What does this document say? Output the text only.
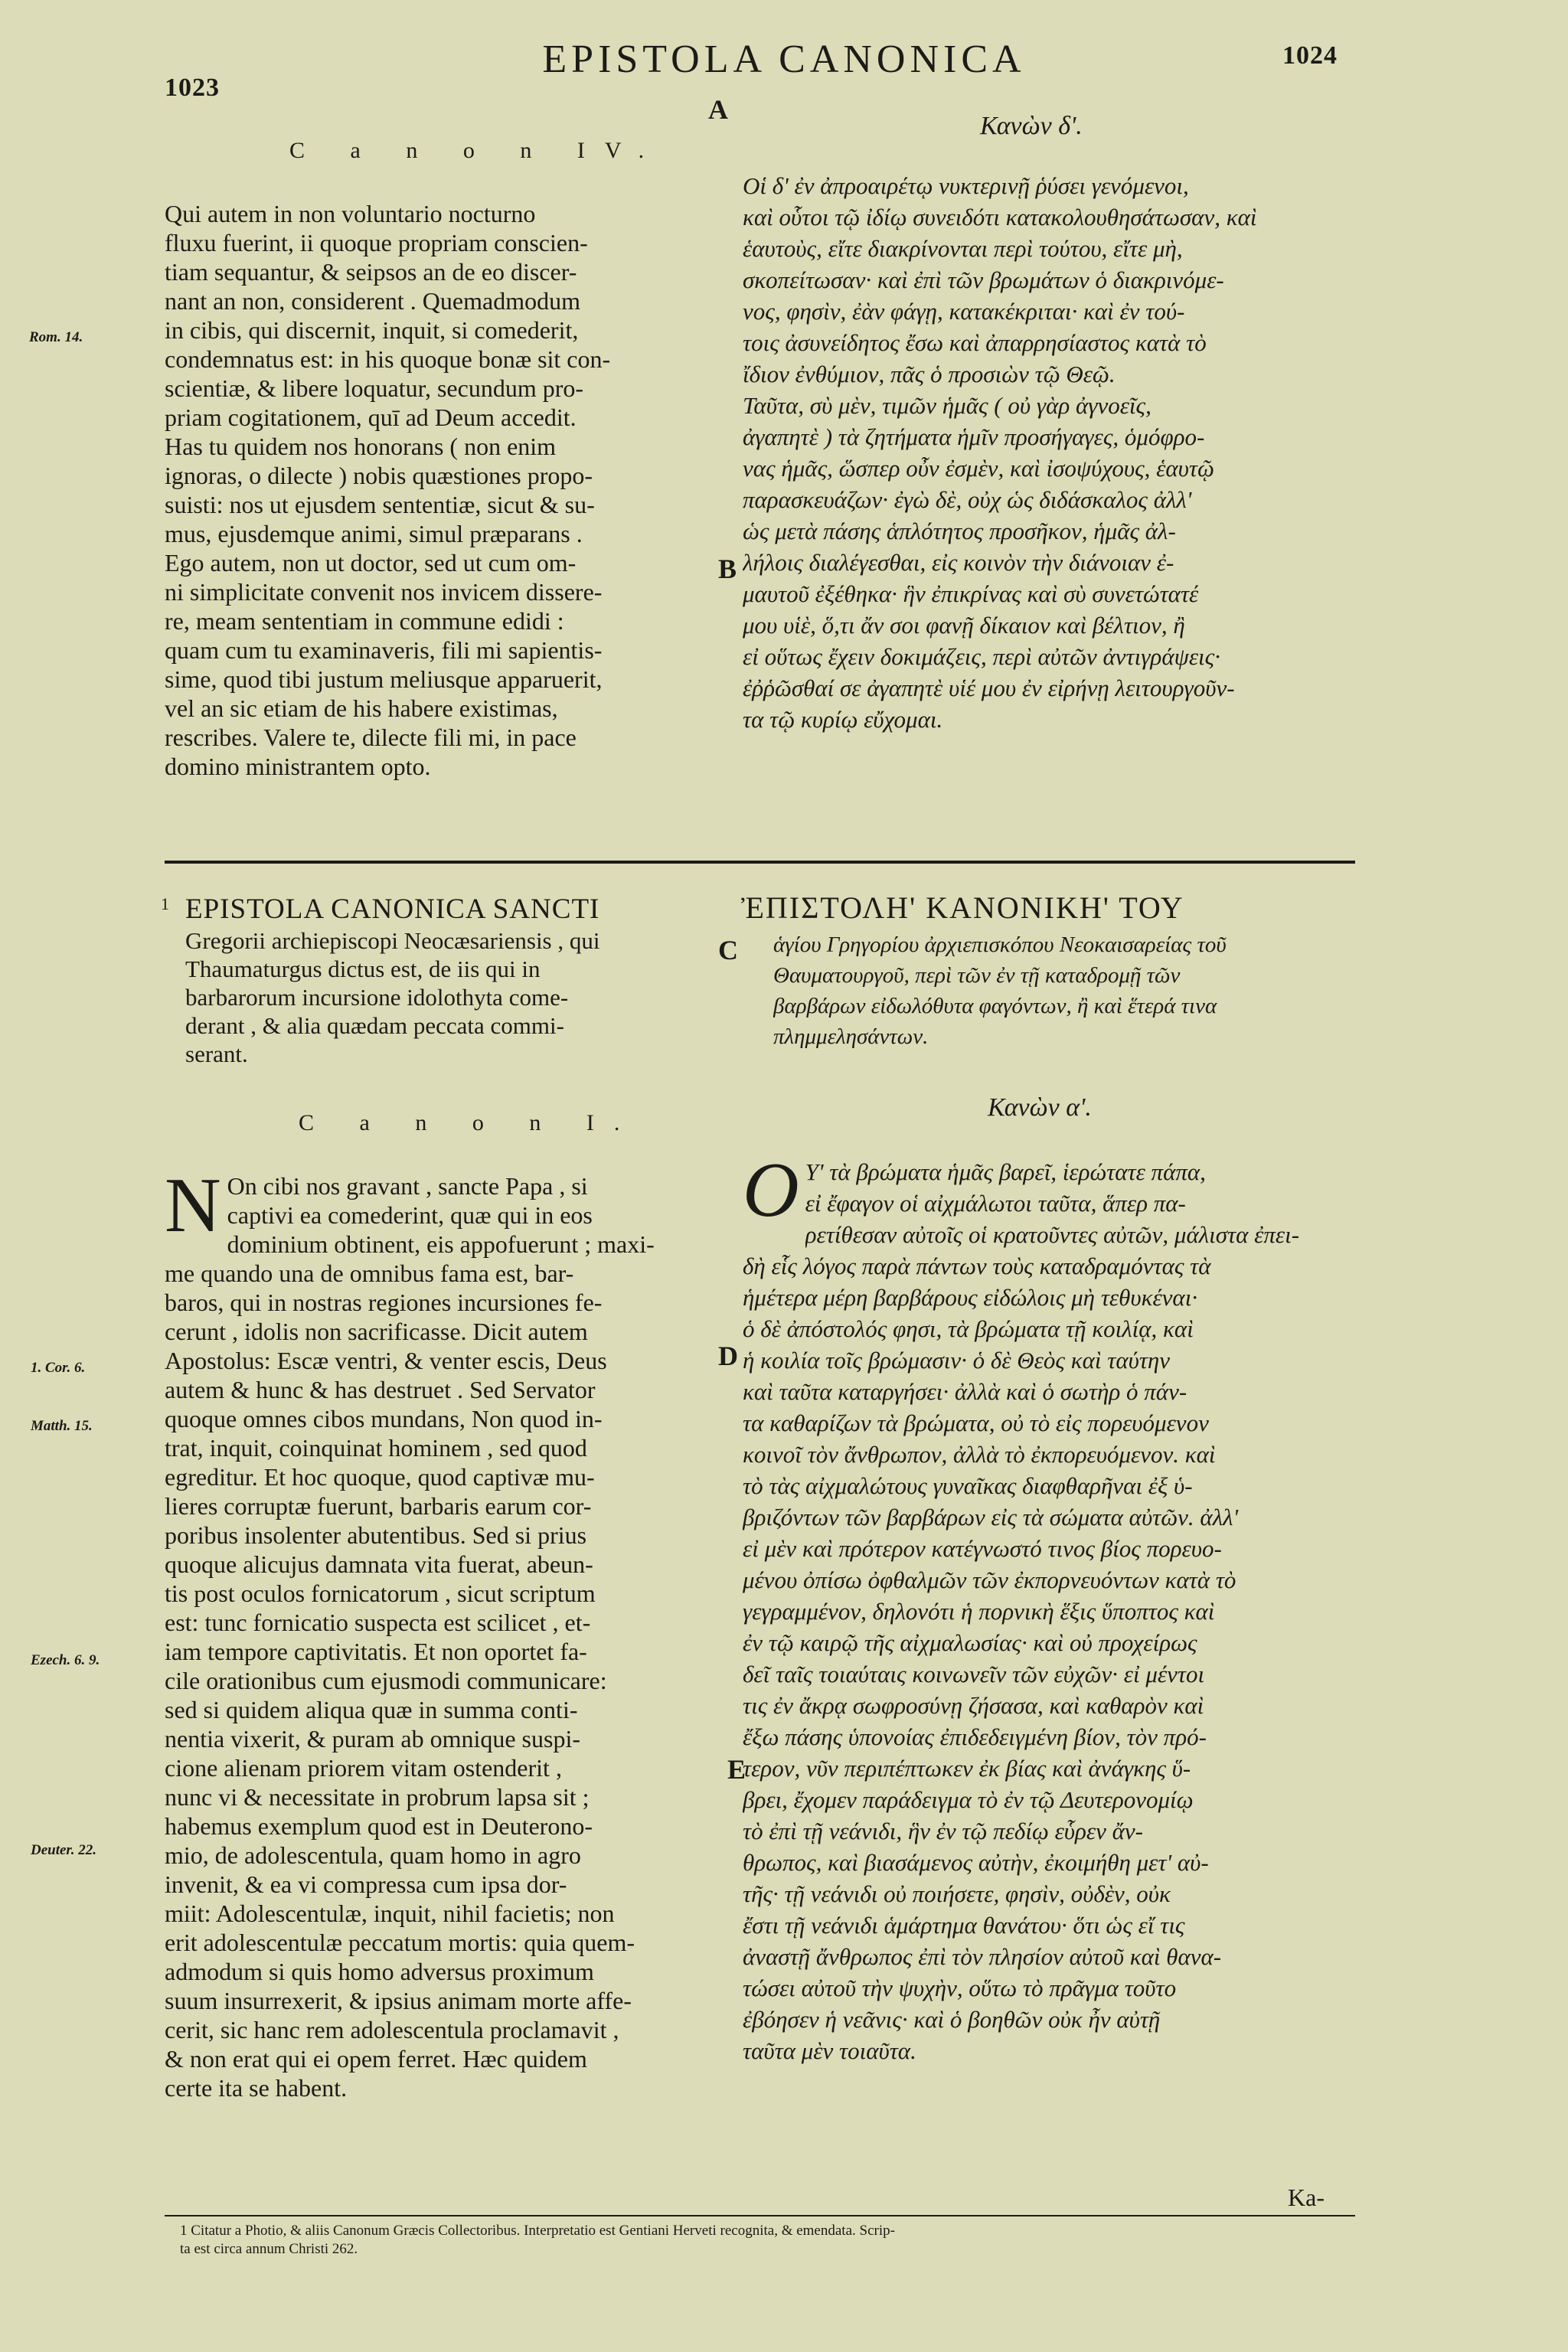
1023
EPISTOLA CANONICA	1024
A
C a n o n IV.
Κανὼν δ'.
Qui autem in non voluntario nocturno
fluxu fuerint, ii quoque propriam conscien-
tiam sequantur, & seipsos an de eo discer-
nant an non, considerent . Quemadmodum
in cibis, qui discernit, inquit, si comederit,
condemnatus est: in his quoque bonæ sit con-
scientiæ, & libere loquatur, secundum pro-
priam cogitationem, quī ad Deum accedit.
Has tu quidem nos honorans ( non enim
ignoras, o dilecte ) nobis quæstiones propo-
suisti: nos ut ejusdem sententiæ, sicut & su-
mus, ejusdemque animi, simul præparans .
Ego autem, non ut doctor, sed ut cum om-
ni simplicitate convenit nos invicem dissere-
re, meam sententiam in commune edidi :
quam cum tu examinaveris, fili mi sapientis-
sime, quod tibi justum meliusque apparuerit,
vel an sic etiam de his habere existimas,
rescribes. Valere te, dilecte fili mi, in pace
domino ministrantem opto.
Rom. 14.
B
Οἱ δ' ἐν ἀπροαιρέτῳ νυκτερινῇ ῥύσει γενόμενοι,
καὶ οὗτοι τῷ ἰδίῳ συνειδότι κατακολουθησάτωσαν, καὶ
ἑαυτοὺς, εἴτε διακρίνονται περὶ τούτου, εἴτε μὴ,
σκοπείτωσαν· καὶ ἐπὶ τῶν βρωμάτων ὁ διακρινόμε-
νος, φησὶν, ἐὰν φάγῃ, κατακέκριται· καὶ ἐν τού-
τοις ἀσυνείδητος ἔσω καὶ ἀπαρρησίαστος κατὰ τὸ
ἴδιον ἐνθύμιον, πᾶς ὁ προσιὼν τῷ Θεῷ.
Ταῦτα, σὺ μὲν, τιμῶν ἡμᾶς ( οὐ γὰρ ἀγνοεῖς,
ἀγαπητὲ ) τὰ ζητήματα ἡμῖν προσήγαγες, ὁμόφρο-
νας ἡμᾶς, ὥσπερ οὖν ἐσμὲν, καὶ ἰσοψύχους, ἑαυτῷ
παρασκευάζων· ἐγὼ δὲ, οὐχ ὡς διδάσκαλος ἀλλ'
ὡς μετὰ πάσης ἁπλότητος προσῆκον, ἡμᾶς ἀλ-
λήλοις διαλέγεσθαι, εἰς κοινὸν τὴν διάνοιαν ἐ-
μαυτοῦ ἐξέθηκα· ἣν ἐπικρίνας καὶ σὺ συνετώτατέ
μου υἱὲ, ὅ,τι ἄν σοι φανῇ δίκαιον καὶ βέλτιον, ἢ
εἰ οὕτως ἔχειν δοκιμάζεις, περὶ αὐτῶν ἀντιγράψεις·
ἐῤῥῶσθαί σε ἀγαπητὲ υἱέ μου ἐν εἰρήνῃ λειτουργοῦν-
τα τῷ κυρίῳ εὔχομαι.
1 EPISTOLA CANONICA SANCTI
Gregorii archiepiscopi Neocæsariensis , qui
Thaumaturgus dictus est, de iis qui in
barbarorum incursione idolothyta come-
derant , & alia quædam peccata commi-
serant.
C
ἘΠΙΣΤΟΛΗ' ΚΑΝΟΝΙΚΗ' ΤΟΥ
ἁγίου Γρηγορίου ἀρχιεπισκόπου Νεοκαισαρείας τοῦ
Θαυματουργοῦ, περὶ τῶν ἐν τῇ καταδρομῇ τῶν
βαρβάρων εἰδωλόθυτα φαγόντων, ἢ καὶ ἕτερά τινα
πλημμελησάντων.
C a n o n I.
Κανὼν α'.
N On cibi nos gravant , sancte Papa , si
captivi ea comederint, quæ qui in eos
dominium obtinent, eis appofuerunt ; maxi-
me quando una de omnibus fama est, bar-
baros, qui in nostras regiones incursiones fe-
cerunt , idolis non sacrificasse. Dicit autem
Apostolus: Escæ ventri, & venter escis, Deus
autem & hunc & has destruet . Sed Servator
quoque omnes cibos mundans, Non quod in-
trat, inquit, coinquinat hominem , sed quod
egreditur. Et hoc quoque, quod captivæ mu-
lieres corruptæ fuerunt, barbaris earum cor-
poribus insolenter abutentibus. Sed si prius
quoque alicujus damnata vita fuerat, abeun-
tis post oculos fornicatorum , sicut scriptum
est: tunc fornicatio suspecta est scilicet , et-
iam tempore captivitatis. Et non oportet fa-
cile orationibus cum ejusmodi communicare:
sed si quidem aliqua quæ in summa conti-
nentia vixerit, & puram ab omnique suspi-
cione alienam priorem vitam ostenderit ,
nunc vi & necessitate in probrum lapsa sit ;
habemus exemplum quod est in Deuterono-
mio, de adolescentula, quam homo in agro
invenit, & ea vi compressa cum ipsa dor-
miit: Adolescentulæ, inquit, nihil facietis; non
erit adolescentulæ peccatum mortis: quia quem-
admodum si quis homo adversus proximum
suum insurrexerit, & ipsius animam morte affe-
cerit, sic hanc rem adolescentula proclamavit ,
& non erat qui ei opem ferret. Hæc quidem
certe ita se habent.
1. Cor. 6.
Matth. 15.
Ezech. 6. 9.
Deuter. 22.
D
E
O Υ' τὰ βρώματα ἡμᾶς βαρεῖ, ἱερώτατε πάπα,
εἰ ἔφαγον οἱ αἰχμάλωτοι ταῦτα, ἅπερ πα-
ρετίθεσαν αὐτοῖς οἱ κρατοῦντες αὐτῶν, μάλιστα ἐπει-
δὴ εἷς λόγος παρὰ πάντων τοὺς καταδραμόντας τὰ
ἡμέτερα μέρη βαρβάρους εἰδώλοις μὴ τεθυκέναι·
ὁ δὲ ἀπόστολός φησι, τὰ βρώματα τῇ κοιλίᾳ, καὶ
ἡ κοιλία τοῖς βρώμασιν· ὁ δὲ Θεὸς καὶ ταύτην
καὶ ταῦτα καταργήσει· ἀλλὰ καὶ ὁ σωτὴρ ὁ πάν-
τα καθαρίζων τὰ βρώματα, οὐ τὸ εἰς πορευόμενον
κοινοῖ τὸν ἄνθρωπον, ἀλλὰ τὸ ἐκπορευόμενον. καὶ
τὸ τὰς αἰχμαλώτους γυναῖκας διαφθαρῆναι ἐξ ὑ-
βριζόντων τῶν βαρβάρων εἰς τὰ σώματα αὐτῶν. ἀλλ'
εἰ μὲν καὶ πρότερον κατέγνωστό τινος βίος πορευο-
μένου ὀπίσω ὀφθαλμῶν τῶν ἐκπορνευόντων κατὰ τὸ
γεγραμμένον, δηλονότι ἡ πορνικὴ ἕξις ὕποπτος καὶ
ἐν τῷ καιρῷ τῆς αἰχμαλωσίας· καὶ οὐ προχείρως
δεῖ ταῖς τοιαύταις κοινωνεῖν τῶν εὐχῶν· εἰ μέντοι
τις ἐν ἄκρᾳ σωφροσύνῃ ζήσασα, καὶ καθαρὸν καὶ
ἔξω πάσης ὑπονοίας ἐπιδεδειγμένη βίον, τὸν πρό-
τερον, νῦν περιπέπτωκεν ἐκ βίας καὶ ἀνάγκης ὕ-
βρει, ἔχομεν παράδειγμα τὸ ἐν τῷ Δευτερονομίῳ
τὸ ἐπὶ τῇ νεάνιδι, ἣν ἐν τῷ πεδίῳ εὗρεν ἄν-
θρωπος, καὶ βιασάμενος αὐτὴν, ἐκοιμήθη μετ' αὐ-
τῆς· τῇ νεάνιδι οὐ ποιήσετε, φησὶν, οὐδὲν, οὐκ
ἔστι τῇ νεάνιδι ἁμάρτημα θανάτου· ὅτι ὡς εἴ τις
ἀναστῇ ἄνθρωπος ἐπὶ τὸν πλησίον αὐτοῦ καὶ θανα-
τώσει αὐτοῦ τὴν ψυχὴν, οὕτω τὸ πρᾶγμα τοῦτο
ἐβόησεν ἡ νεᾶνις· καὶ ὁ βοηθῶν οὐκ ἦν αὐτῇ
ταῦτα μὲν τοιαῦτα.
Ka-
1 Citatur a Photio, & aliis Canonum Græcis Collectoribus. Interpretatio est Gentiani Herveti recognita, & emendata. Scrip-
ta est circa annum Christi 262.
